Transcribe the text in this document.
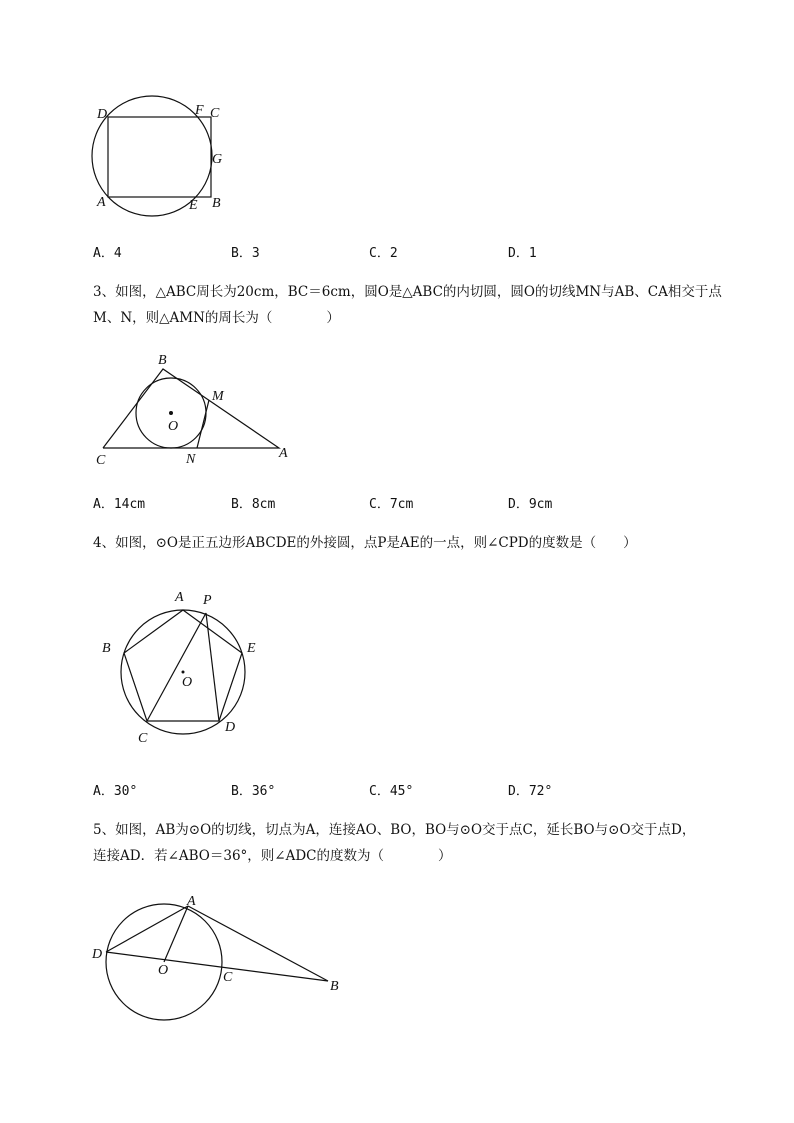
D	F C
G
A	E B
A．4	B．3	C．2	D．1
3、如图，△ABC周长为20cm，BC＝6cm，圆O是△ABC的内切圆，圆O的切线MN与AB、CA相交于点
M、N，则△AMN的周长为（　　　　）
B
M
O
C	N	A
A．14cm	B．8cm	C．7cm	D．9cm
4、如图，⊙O是正五边形ABCDE的外接圆，点P是AE的一点，则∠CPD的度数是（　　）
A P
B	E
O
C
D
A．30°	B．36°	C．45°	D．72°
5、如图，AB为⊙O的切线，切点为A，连接AO、BO，BO与⊙O交于点C，延长BO与⊙O交于点D，
连接AD．若∠ABO＝36°，则∠ADC的度数为（　　　　）
A
D
O	C
B
